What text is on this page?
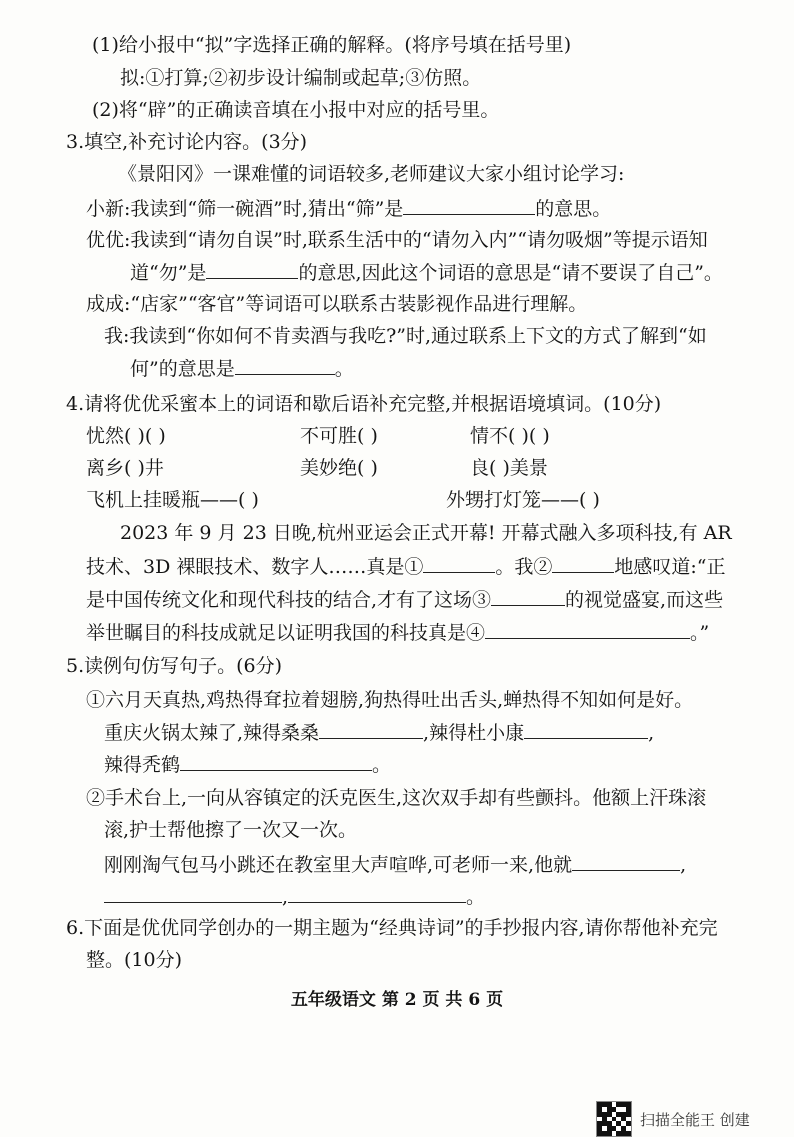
(1)给小报中“拟”字选择正确的解释。(将序号填在括号里)
拟:①打算;②初步设计编制或起草;③仿照。
(2)将“辟”的正确读音填在小报中对应的括号里。
3.填空,补充讨论内容。(3分)
《景阳冈》一课难懂的词语较多,老师建议大家小组讨论学习:
小新:我读到“筛一碗酒”时,猜出“筛”是	的意思。
优优:我读到“请勿自误”时,联系生活中的“请勿入内”“请勿吸烟”等提示语知
道“勿”是	的意思,因此这个词语的意思是“请不要误了自己”。
成成:“店家”“客官”等词语可以联系古装影视作品进行理解。
我:我读到“你如何不肯卖酒与我吃?”时,通过联系上下文的方式了解到“如
何”的意思是	。
4.请将优优采蜜本上的词语和歇后语补充完整,并根据语境填词。(10分)
忧然( )( )	不可胜( )	情不( )( )
离乡( )井	美妙绝( )	良( )美景
飞机上挂暖瓶——( )	外甥打灯笼——( )
2023 年 9 月 23 日晚,杭州亚运会正式开幕! 开幕式融入多项科技,有 AR
技术、3D 裸眼技术、数字人……真是①	。我②	地感叹道:“正
是中国传统文化和现代科技的结合,才有了这场③	的视觉盛宴,而这些
举世瞩目的科技成就足以证明我国的科技真是④	。”
5.读例句仿写句子。(6分)
①六月天真热,鸡热得耷拉着翅膀,狗热得吐出舌头,蝉热得不知如何是好。
重庆火锅太辣了,辣得桑桑	,辣得杜小康	,
辣得秃鹤	。
②手术台上,一向从容镇定的沃克医生,这次双手却有些颤抖。他额上汗珠滚
滚,护士帮他擦了一次又一次。
刚刚淘气包马小跳还在教室里大声喧哗,可老师一来,他就	,
,	。
6.下面是优优同学创办的一期主题为“经典诗词”的手抄报内容,请你帮他补充完
整。(10分)
五年级语文 第 2 页 共 6 页
扫描全能王 创建
